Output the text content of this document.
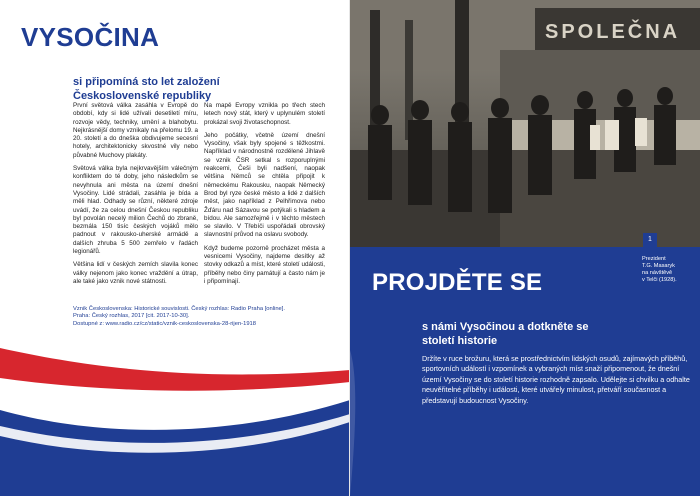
VYSOČINA
si připomíná sto let založení
Československé republiky

První světová válka zasáhla v Evropě do období, kdy si lidé užívali desetiletí míru, rozvoje vědy, techniky, umění a blahobytu. Nejkrásnější domy vznikaly na přelomu 19. a 20. století a do dneška obdivujeme secesní hotely, architektonicky skvostné vily nebo půvabné Muchovy plakáty.

Světová válka byla nejkrvavějším válečným konfliktem do té doby, jeho následkům se nevyhnula ani města na území dnešní Vysočiny. Lidé strádali, zasáhla je bída a měli hlad. Odhady se různí, některé zdroje uvádí, že za celou dnešní Českou republiku byl povolán necelý milion Čechů do zbraně, bezmála 150 tisíc českých vojáků mělo padnout v rakousko-uherské armádě a dalších zhruba 5 500 zemřelo v řadách legionářů.

Většina lidí v českých zemích slavila konec války nejenom jako konec vraždění a útrap, ale také jako vznik nové státnosti.

Na mapě Evropy vznikla po třech stech letech nový stát, který v uplynulém století prokázal svoji životaschopnost.

Jeho počátky, včetně území dnešní Vysočiny, však byly spojené s těžkostmi. Například v národnostně rozdělené Jihlavě se vznik ČSR setkal s rozporuplnými reakcemi, Češi byli nadšení, naopak většina Němců se chtěla připojit k německému Rakousku, naopak Německý Brod byl ryze české město a lidé z dalších měst, jako například z Pelhřimova nebo Žďáru nad Sázavou se potýkali s hladem a bídou. Ale samozřejmě i v těchto městech se slavilo. V Třebíči uspořádali obrovský slavnostní průvod na oslavu svobody.

Když budeme pozorně procházet města a vesnicemi Vysočiny, najdeme desítky až stovky odkazů a míst, které století události, příběhy nebo činy památují a často nám je i připomínají.

Vznik Československa: Historické souvislosti. Český rozhlas: Radio Praha [online].
Praha: Český rozhlas, 2017 [cit. 2017-10-30].
Dostupné z: www.radio.cz/cz/static/vznik-ceskoslovenska-28-rijen-1918
SPOLEČNA
1
Prezident
T.G. Masaryk
na návštěvě
v Telči (1928).
PROJDĚTE SE
s námi Vysočinou a dotkněte se
století historie

Držíte v ruce brožuru, která se prostřednictvím lidských osudů, zajímavých příběhů, sportovních událostí i vzpomínek a vybraných míst snaží připomenout, že dnešní území Vysočiny se do století historie rozhodně zapsalo. Udělejte si chvilku a odhalte neuvěřitelné příběhy i události, které utvářely minulost, přetváří současnost a představují budoucnost Vysočiny.
